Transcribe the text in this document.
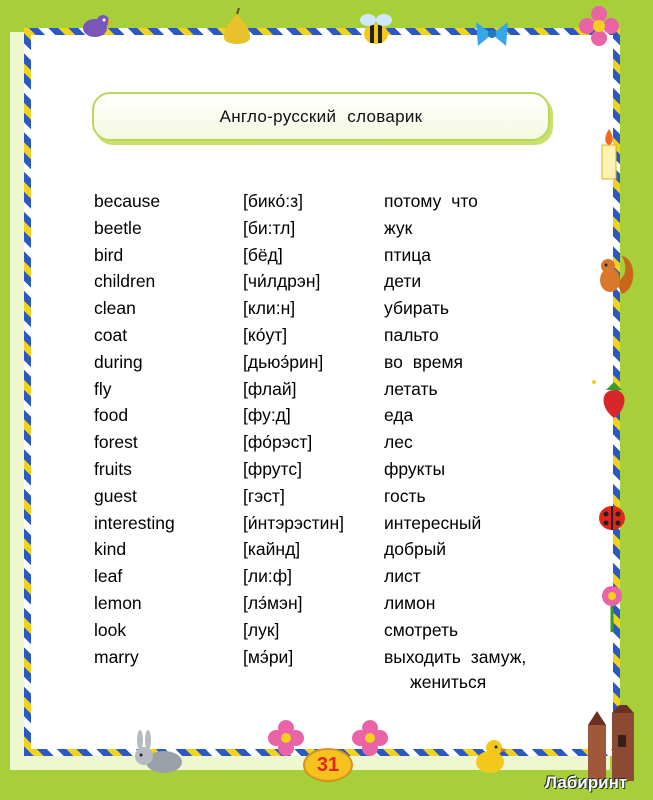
Англо-русский словарик
because	[бико́:з]	потому что
beetle	[би:тл]	жук
bird	[бёд]	птица
children	[чи́лдрэн]	дети
clean	[кли:н]	убирать
coat	[ко́ут]	пальто
during	[дьюэ́рин]	во время
fly	[флай]	летать
food	[фу:д]	еда
forest	[фо́рэст]	лес
fruits	[фрутс]	фрукты
guest	[гэст]	гость
interesting	[и́нтэрэстин] интересный
kind	[кайнд]	добрый
leaf	[ли:ф]	лист
lemon	[лэ́мэн]	лимон
look	[лук]	смотреть
marry	[мэ́ри]	выходить замуж,
жениться
31
Лабиринт
